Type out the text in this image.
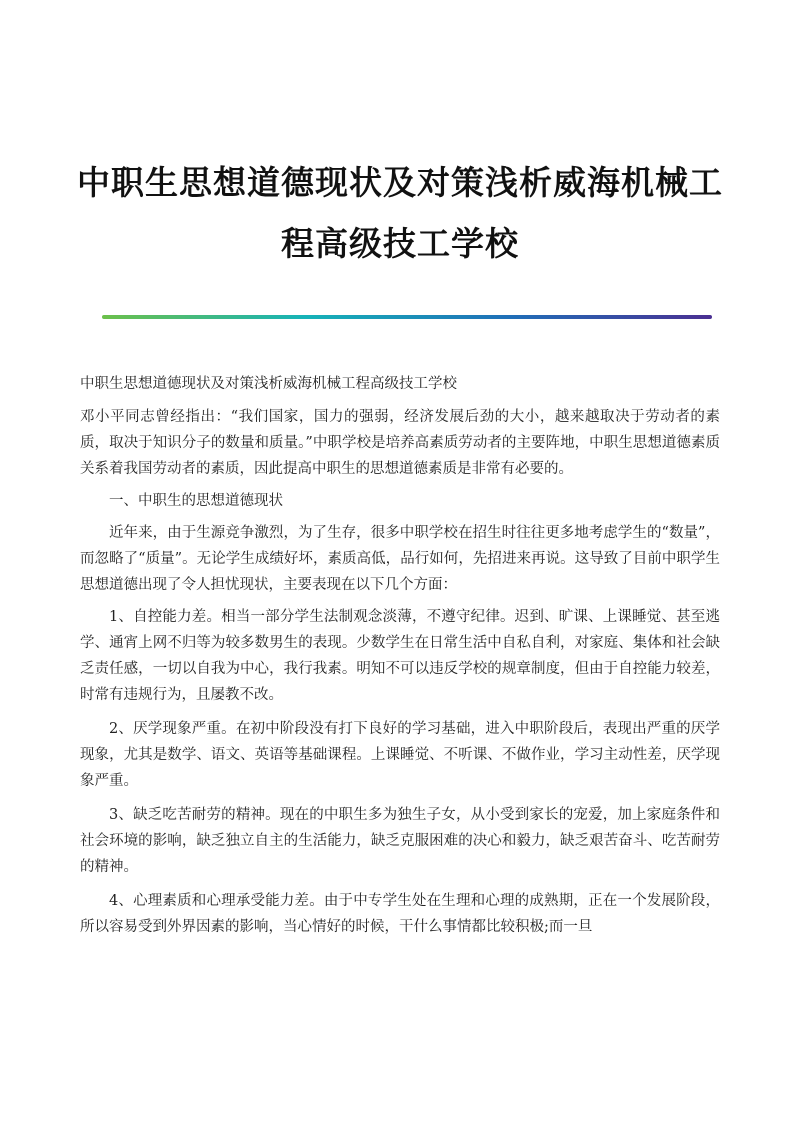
中职生思想道德现状及对策浅析威海机械工
程高级技工学校
中职生思想道德现状及对策浅析威海机械工程高级技工学校

邓小平同志曾经指出：“我们国家，国力的强弱，经济发展后劲的大小，越来越取决于劳动者的素质，取决于知识分子的数量和质量。”中职学校是培养高素质劳动者的主要阵地，中职生思想道德素质关系着我国劳动者的素质，因此提高中职生的思想道德素质是非常有必要的。

一、中职生的思想道德现状

近年来，由于生源竞争激烈，为了生存，很多中职学校在招生时往往更多地考虑学生的“数量”，而忽略了“质量”。无论学生成绩好坏，素质高低，品行如何，先招进来再说。这导致了目前中职学生思想道德出现了令人担忧现状，主要表现在以下几个方面：

1、自控能力差。相当一部分学生法制观念淡薄，不遵守纪律。迟到、旷课、上课睡觉、甚至逃学、通宵上网不归等为较多数男生的表现。少数学生在日常生活中自私自利，对家庭、集体和社会缺乏责任感，一切以自我为中心，我行我素。明知不可以违反学校的规章制度，但由于自控能力较差，时常有违规行为，且屡教不改。

2、厌学现象严重。在初中阶段没有打下良好的学习基础，进入中职阶段后，表现出严重的厌学现象，尤其是数学、语文、英语等基础课程。上课睡觉、不听课、不做作业，学习主动性差，厌学现象严重。

3、缺乏吃苦耐劳的精神。现在的中职生多为独生子女，从小受到家长的宠爱，加上家庭条件和社会环境的影响，缺乏独立自主的生活能力，缺乏克服困难的决心和毅力，缺乏艰苦奋斗、吃苦耐劳的精神。

4、心理素质和心理承受能力差。由于中专学生处在生理和心理的成熟期，正在一个发展阶段，所以容易受到外界因素的影响，当心情好的时候，干什么事情都比较积极;而一旦
